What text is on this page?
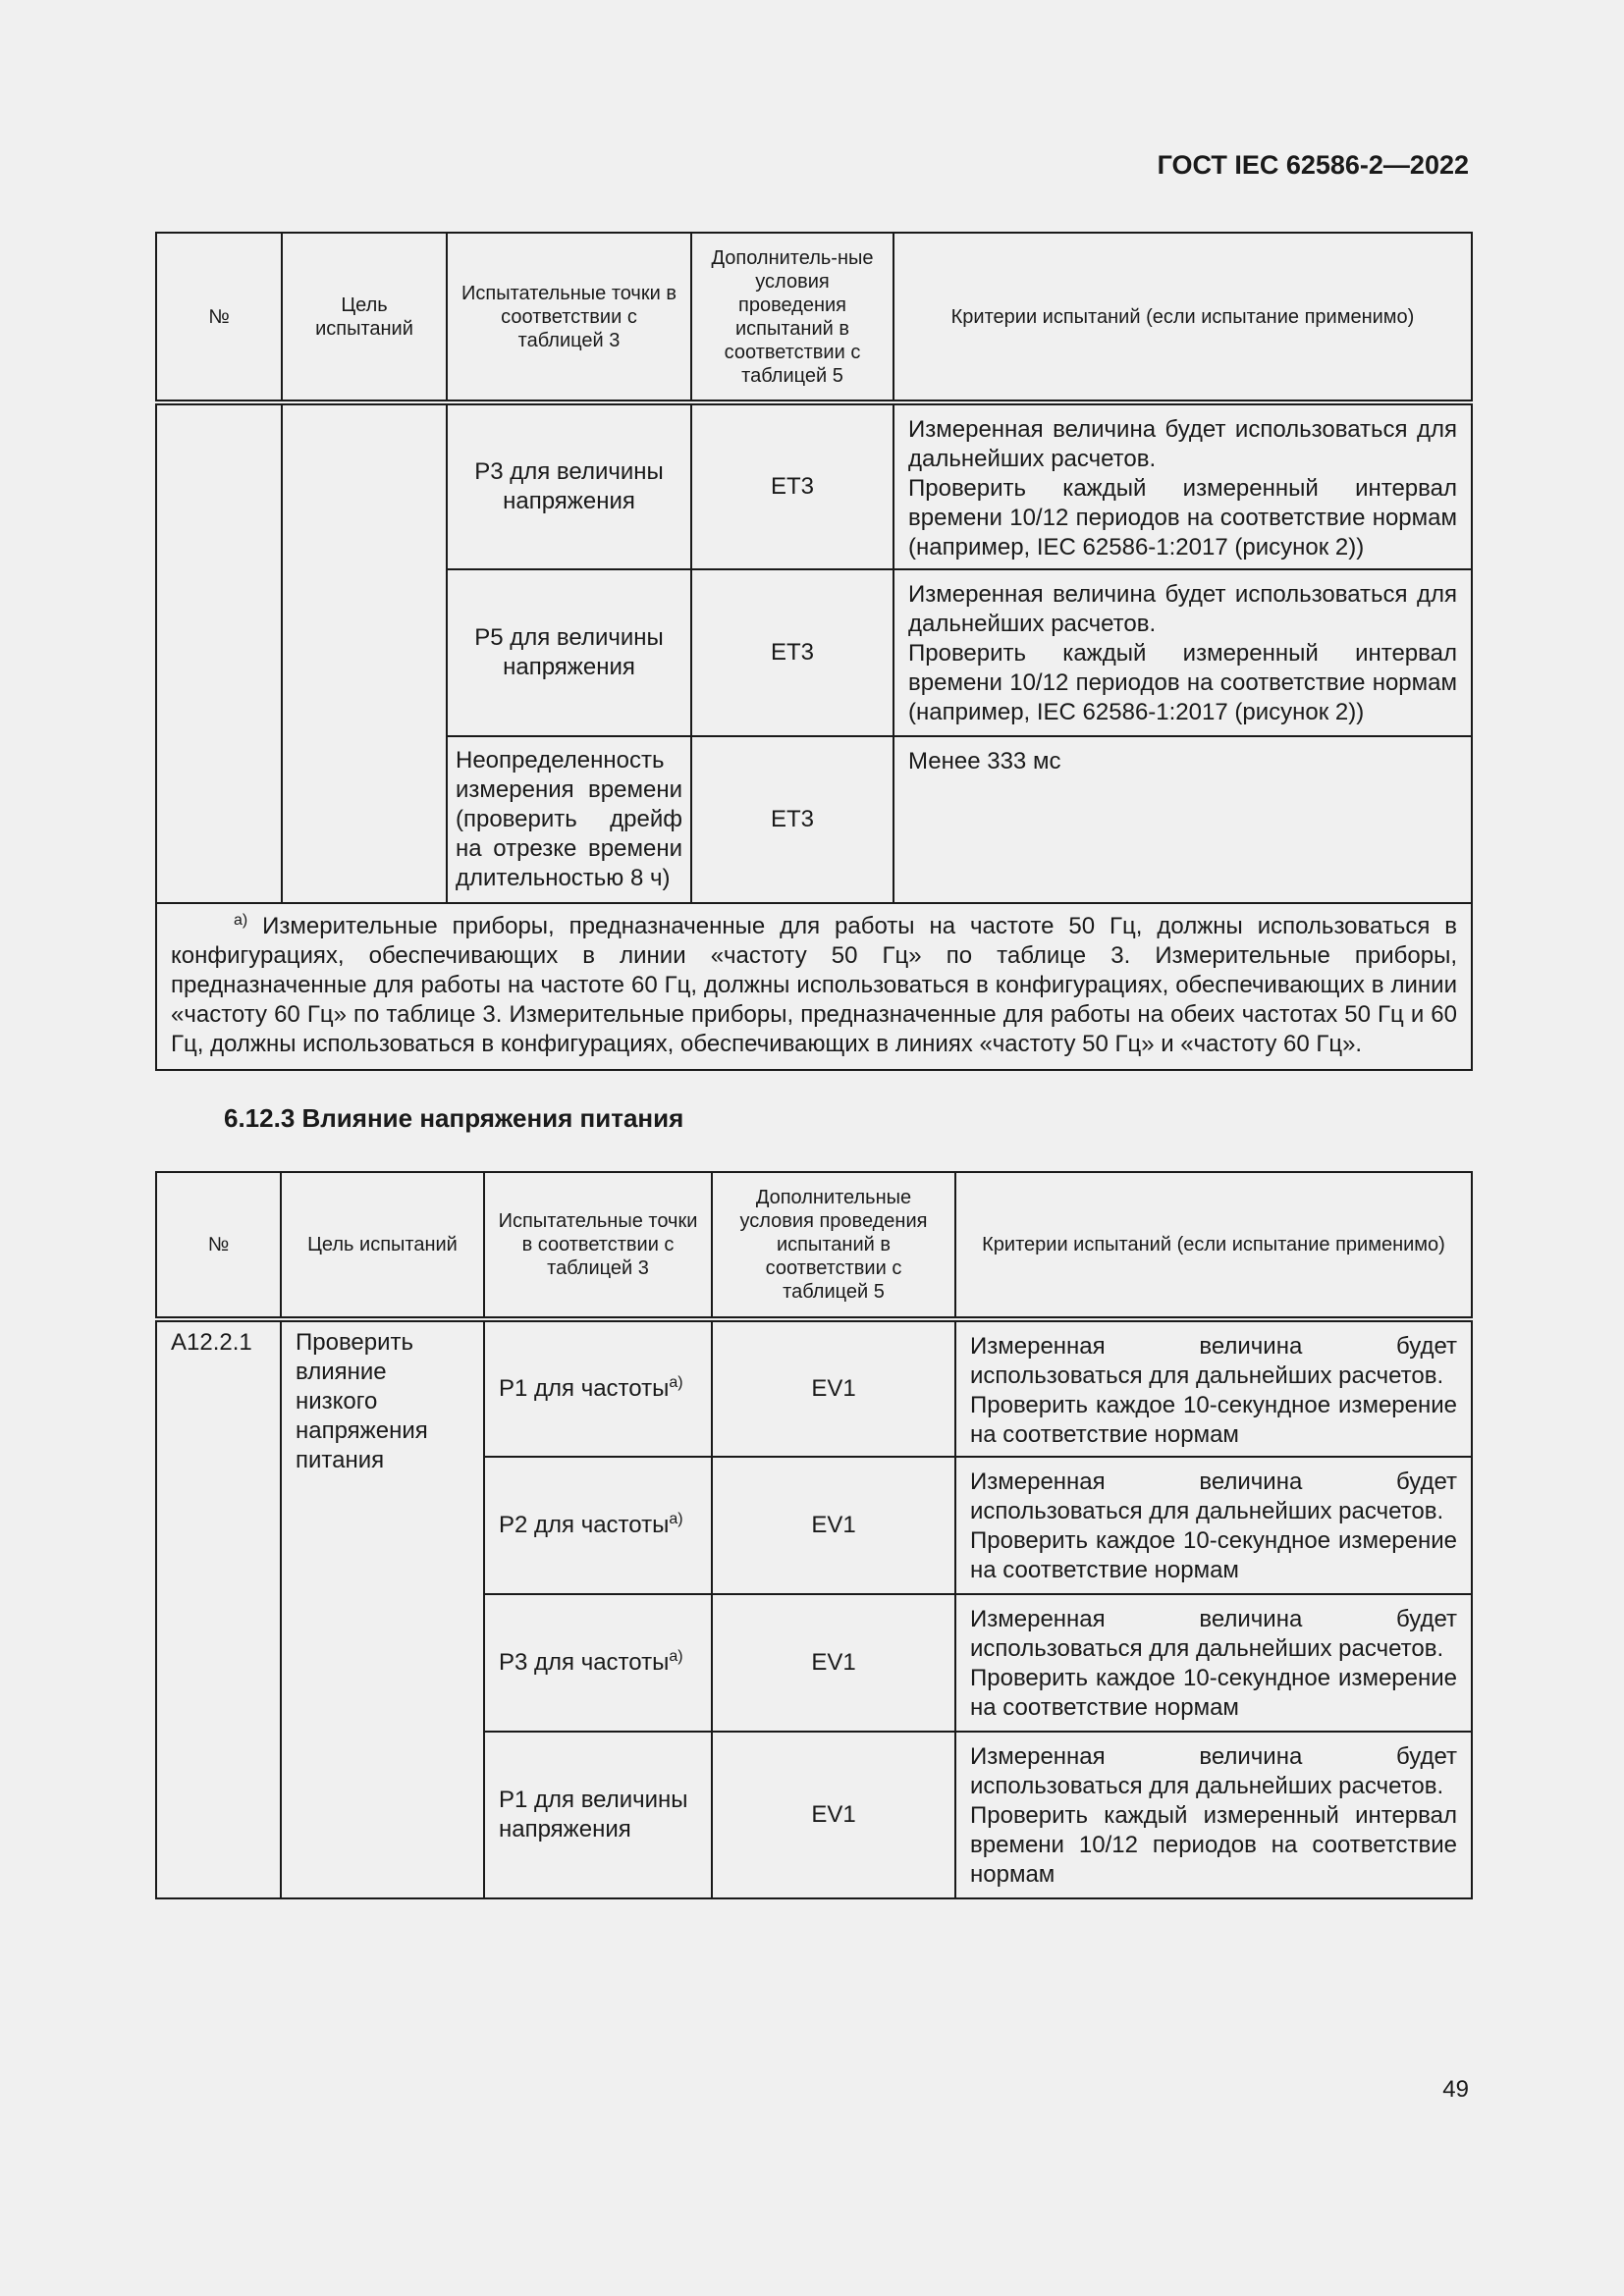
ГОСТ IEC 62586-2—2022
№	Цель испытаний	Испытательные точки в соответствии с таблицей 3	Дополнитель-ные условия проведения испытаний в соответствии с таблицей 5	Критерии испытаний (если испытание применимо)
		Р3 для величины напряжения	ЕТ3	Измеренная величина будет использоваться для дальнейших расчетов.
Проверить каждый измеренный интервал времени 10/12 периодов на соответствие нормам (например, IEC 62586-1:2017 (рисунок 2))

		Р5 для величины напряжения	ЕТ3	Измеренная величина будет использоваться для дальнейших расчетов.
Проверить каждый измеренный интервал времени 10/12 периодов на соответствие нормам (например, IEC 62586-1:2017 (рисунок 2))

		Неопределенность измерения времени (проверить дрейф на отрезке времени длительностью 8 ч)	ЕТ3	Менее 333 мс

$^{a)}$ Измерительные приборы, предназначенные для работы на частоте 50 Гц, должны использоваться в конфигурациях, обеспечивающих в линии «частоту 50 Гц» по таблице 3. Измерительные приборы, предназначенные для работы на частоте 60 Гц, должны использоваться в конфигурациях, обеспечивающих в линии «частоту 60 Гц» по таблице 3. Измерительные приборы, предназначенные для работы на обеих частотах 50 Гц и 60 Гц, должны использоваться в конфигурациях, обеспечивающих в линиях «частоту 50 Гц» и «частоту 60 Гц».				
6.12.3 Влияние напряжения питания
№	Цель испытаний	Испытательные точки в соответствии с таблицей 3	Дополнительные условия проведения испытаний в соответствии с таблицей 5	Критерии испытаний (если испытание применимо)
А12.2.1	Проверить влияние низкого напряжения питания	Р1 для частоты$^{a)}$	EV1	Измеренная величина будет использоваться для дальнейших расчетов.
Проверить каждое 10-секундное измерение на соответствие нормам

		Р2 для частоты$^{a)}$	EV1	Измеренная величина будет использоваться для дальнейших расчетов.
Проверить каждое 10-секундное измерение на соответствие нормам

		Р3 для частоты$^{a)}$	EV1	Измеренная величина будет использоваться для дальнейших расчетов.
Проверить каждое 10-секундное измерение на соответствие нормам

		Р1 для величины напряжения	EV1	Измеренная величина будет использоваться для дальнейших расчетов.
Проверить каждый измеренный интервал времени 10/12 периодов на соответствие нормам
49
